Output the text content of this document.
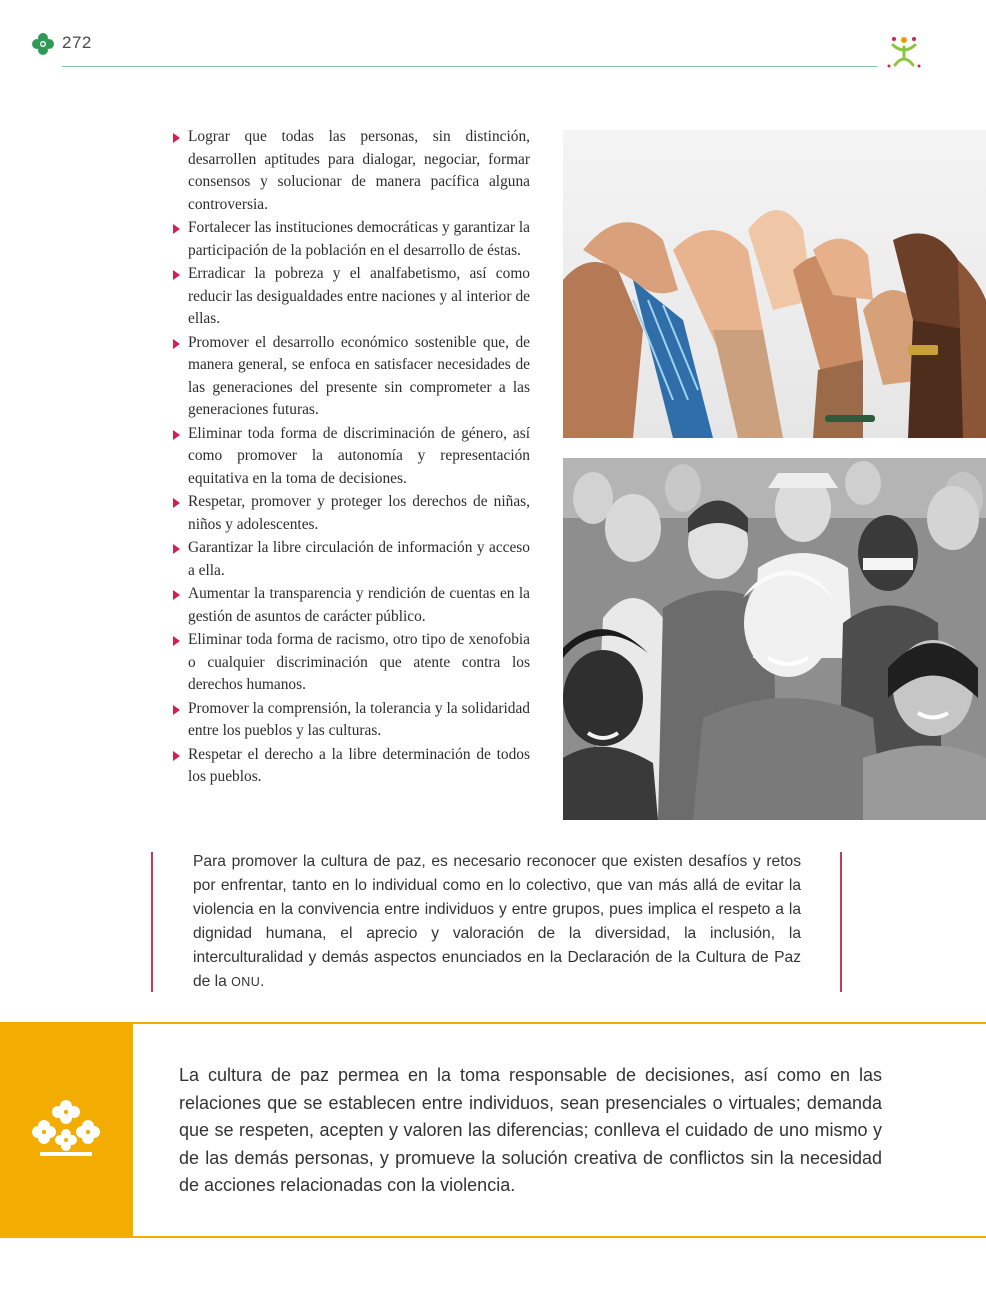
272
Lograr que todas las personas, sin distinción, desarrollen aptitudes para dialogar, negociar, formar consensos y solucionar de manera pacífica alguna controversia.
Fortalecer las instituciones democráticas y garantizar la participación de la población en el desarrollo de éstas.
Erradicar la pobreza y el analfabetismo, así como reducir las desigualdades entre naciones y al interior de ellas.
Promover el desarrollo económico sostenible que, de manera general, se enfoca en satisfacer necesidades de las generaciones del presente sin comprometer a las generaciones futuras.
Eliminar toda forma de discriminación de género, así como promover la autonomía y representación equitativa en la toma de decisiones.
Respetar, promover y proteger los derechos de niñas, niños y adolescentes.
Garantizar la libre circulación de información y acceso a ella.
Aumentar la transparencia y rendición de cuentas en la gestión de asuntos de carácter público.
Eliminar toda forma de racismo, otro tipo de xenofobia o cualquier discriminación que atente contra los derechos humanos.
Promover la comprensión, la tolerancia y la solidaridad entre los pueblos y las culturas.
Respetar el derecho a la libre determinación de todos los pueblos.

Para promover la cultura de paz, es necesario reconocer que existen desafíos y retos por enfrentar, tanto en lo individual como en lo colectivo, que van más allá de evitar la violencia en la convivencia entre individuos y entre grupos, pues implica el respeto a la dignidad humana, el aprecio y valoración de la diversidad, la inclusión, la interculturalidad y demás aspectos enunciados en la Declaración de la Cultura de Paz de la ONU.

La cultura de paz permea en la toma responsable de decisiones, así como en las relaciones que se establecen entre individuos, sean presenciales o virtuales; demanda que se respeten, acepten y valoren las diferencias; conlleva el cuidado de uno mismo y de las demás personas, y promueve la solución creativa de conflictos sin la necesidad de acciones relacionadas con la violencia.
